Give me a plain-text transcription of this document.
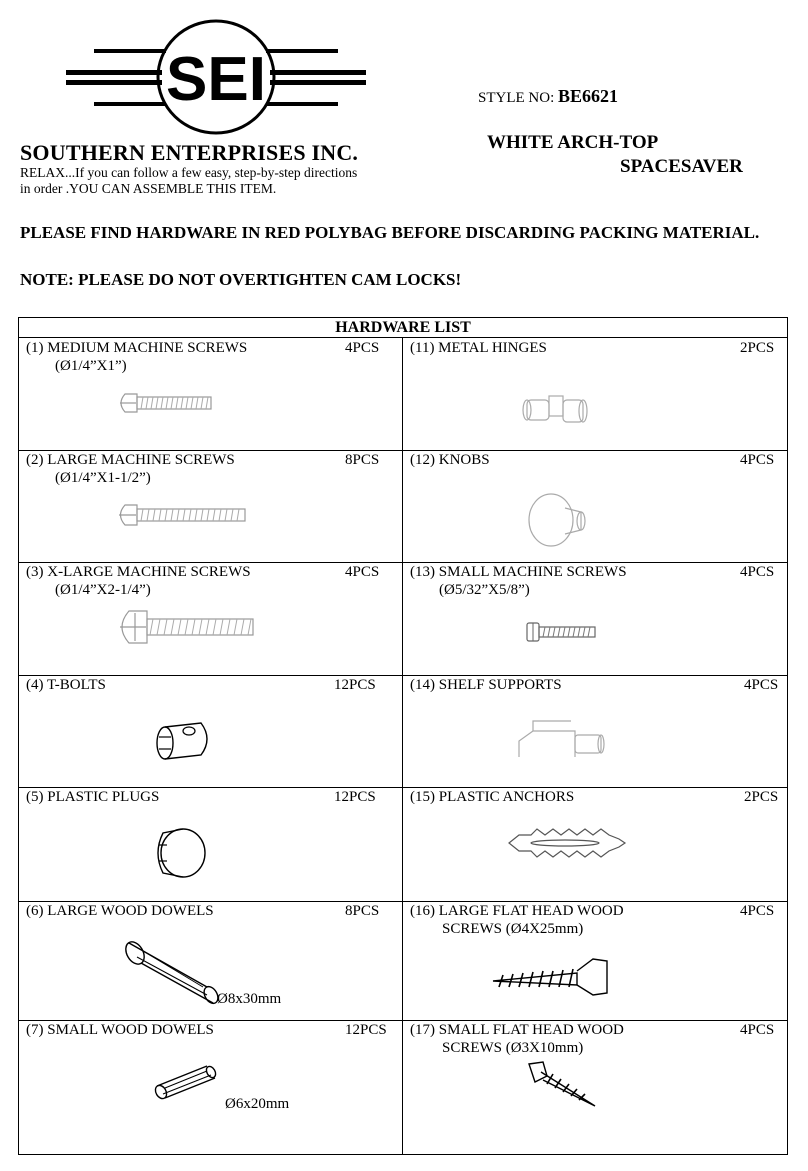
SEI
SOUTHERN ENTERPRISES INC.
RELAX...If you can follow a few easy, step-by-step directions
in order .YOU CAN ASSEMBLE THIS ITEM.
STYLE NO: BE6621
WHITE ARCH-TOP
SPACESAVER
PLEASE FIND HARDWARE IN RED POLYBAG BEFORE DISCARDING PACKING MATERIAL.
NOTE: PLEASE DO NOT OVERTIGHTEN CAM LOCKS!
HARDWARE LIST
(1) MEDIUM MACHINE SCREWS	4PCS
(Ø1/4”X1”)
(11) METAL HINGES	2PCS
(2) LARGE MACHINE SCREWS	8PCS
(Ø1/4”X1-1/2”)
(12) KNOBS	4PCS
(3) X-LARGE MACHINE SCREWS	4PCS
(Ø1/4”X2-1/4”)
(13) SMALL MACHINE SCREWS	4PCS
(Ø5/32”X5/8”)
(4) T-BOLTS	12PCS (14) SHELF SUPPORTS	4PCS
(5) PLASTIC PLUGS	12PCS (15) PLASTIC ANCHORS	2PCS
(6) LARGE WOOD DOWELS	8PCS
Ø8x30mm
(16) LARGE FLAT HEAD WOOD	4PCS
SCREWS (Ø4X25mm)
(7) SMALL WOOD DOWELS	12PCS
Ø6x20mm
(17) SMALL FLAT HEAD WOOD	4PCS
SCREWS (Ø3X10mm)
